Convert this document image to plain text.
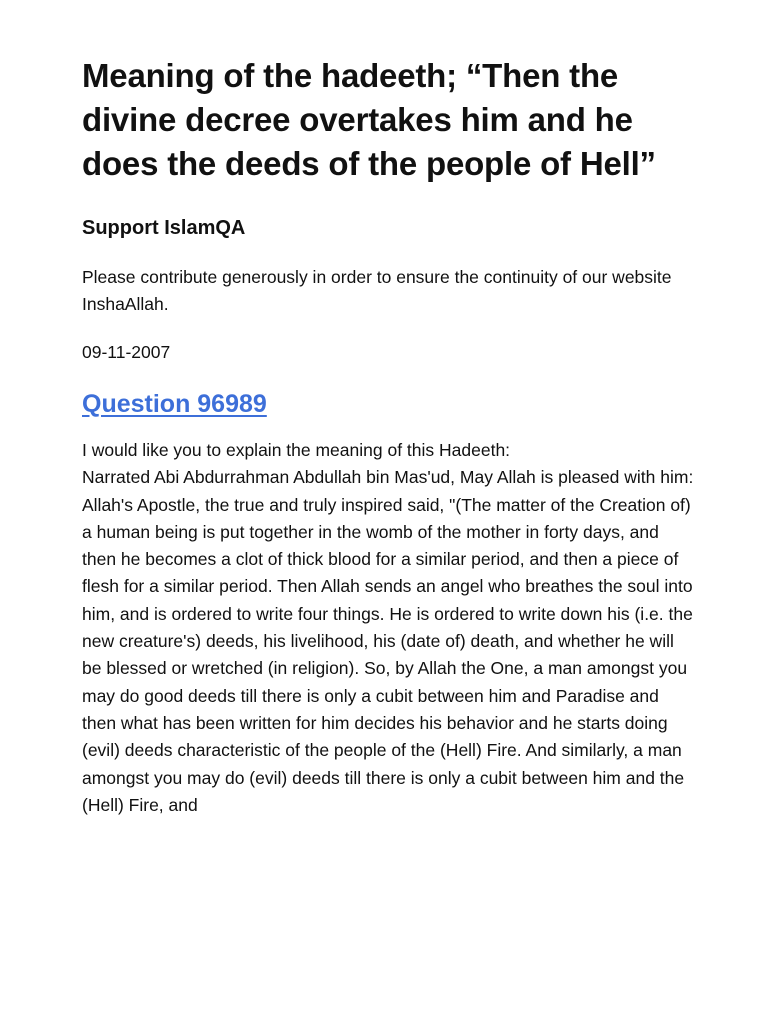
Meaning of the hadeeth; “Then the divine decree overtakes him and he does the deeds of the people of Hell”
Support IslamQA

Please contribute generously in order to ensure the continuity of our website InshaAllah.

09-11-2007

Question 96989

I would like you to explain the meaning of this Hadeeth:

Narrated Abi Abdurrahman Abdullah bin Mas'ud, May Allah is pleased with him:

Allah's Apostle, the true and truly inspired said, "(The matter of the Creation of) a human being is put together in the womb of the mother in forty days, and then he becomes a clot of thick blood for a similar period, and then a piece of flesh for a similar period. Then Allah sends an angel who breathes the soul into him, and is ordered to write four things. He is ordered to write down his (i.e. the new creature's) deeds, his livelihood, his (date of) death, and whether he will be blessed or wretched (in religion). So, by Allah the One, a man amongst you may do good deeds till there is only a cubit between him and Paradise and then what has been written for him decides his behavior and he starts doing (evil) deeds characteristic of the people of the (Hell) Fire. And similarly, a man amongst you may do (evil) deeds till there is only a cubit between him and the (Hell) Fire, and
